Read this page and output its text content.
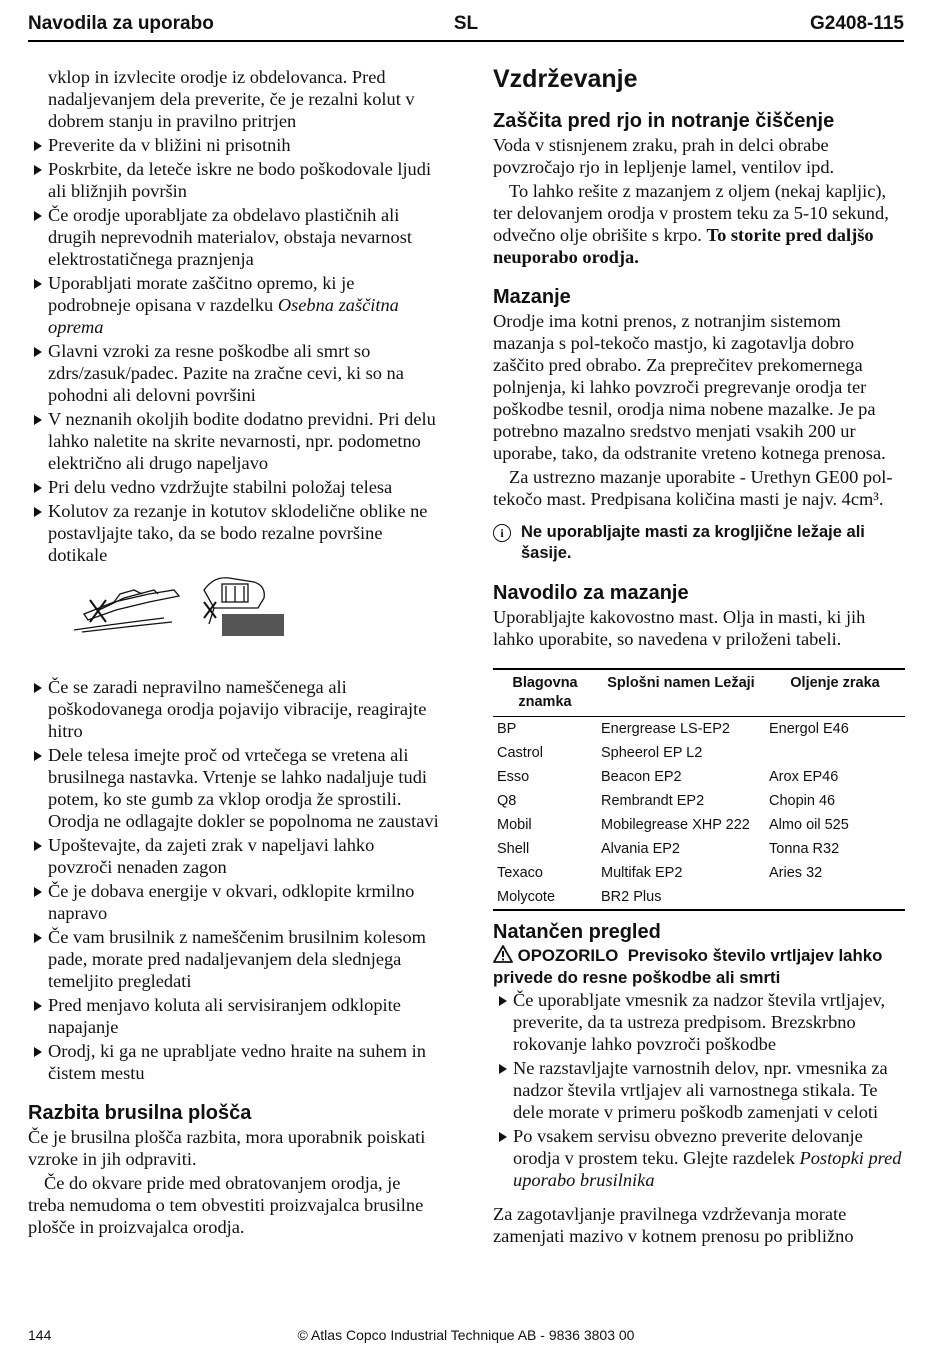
Navodila za uporabo	SL	G2408-115
vklop in izvlecite orodje iz obdelovanca. Pred nadaljevanjem dela preverite, če je rezalni kolut v dobrem stanju in pravilno pritrjen
Preverite da v bližini ni prisotnih
Poskrbite, da leteče iskre ne bodo poškodovale ljudi ali bližnjih površin
Če orodje uporabljate za obdelavo plastičnih ali drugih neprevodnih materialov, obstaja nevarnost elektrostatičnega praznjenja
Uporabljati morate zaščitno opremo, ki je podrobneje opisana v razdelku Osebna zaščitna oprema
Glavni vzroki za resne poškodbe ali smrt so zdrs/zasuk/padec. Pazite na zračne cevi, ki so na pohodni ali delovni površini
V neznanih okoljih bodite dodatno previdni. Pri delu lahko naletite na skrite nevarnosti, npr. podometno električno ali drugo napeljavo
Pri delu vedno vzdržujte stabilni položaj telesa
Kolutov za rezanje in kotutov sklodelične oblike ne postavljajte tako, da se bodo rezalne površine dotikale
Če se zaradi nepravilno nameščenega ali poškodovanega orodja pojavijo vibracije, reagirajte hitro
Dele telesa imejte proč od vrtečega se vretena ali brusilnega nastavka. Vrtenje se lahko nadaljuje tudi potem, ko ste gumb za vklop orodja že sprostili. Orodja ne odlagajte dokler se popolnoma ne zaustavi
Upoštevajte, da zajeti zrak v napeljavi lahko povzroči nenaden zagon
Če je dobava energije v okvari, odklopite krmilno napravo
Če vam brusilnik z nameščenim brusilnim kolesom pade, morate pred nadaljevanjem dela slednjega temeljito pregledati
Pred menjavo koluta ali servisiranjem odklopite napajanje
Orodj, ki ga ne uprabljate vedno hraite na suhem in čistem mestu
Razbita brusilna plošča
Če je brusilna plošča razbita, mora uporabnik poiskati vzroke in jih odpraviti.
Če do okvare pride med obratovanjem orodja, je treba nemudoma o tem obvestiti proizvajalca brusilne plošče in proizvajalca orodja.
Vzdrževanje
Zaščita pred rjo in notranje čiščenje
Voda v stisnjenem zraku, prah in delci obrabe povzročajo rjo in lepljenje lamel, ventilov ipd.
To lahko rešite z mazanjem z oljem (nekaj kapljic), ter delovanjem orodja v prostem teku za 5-10 sekund, odvečno olje obrišite s krpo. To storite pred daljšo neuporabo orodja.
Mazanje
Orodje ima kotni prenos, z notranjim sistemom mazanja s pol-tekočo mastjo, ki zagotavlja dobro zaščito pred obrabo. Za preprečitev prekomernega polnjenja, ki lahko povzroči pregrevanje orodja ter poškodbe tesnil, orodja nima nobene mazalke. Je pa potrebno mazalno sredstvo menjati vsakih 200 ur uporabe, tako, da odstranite vreteno kotnega prenosa.
Za ustrezno mazanje uporabite - Urethyn GE00 pol-tekočo mast. Predpisana količina masti je najv. 4cm³.
i	Ne uporabljajte masti za krogljične ležaje ali šasije.
Navodilo za mazanje
Uporabljajte kakovostno mast. Olja in masti, ki jih lahko uporabite, so navedena v priloženi tabeli.
Blagovna znamka	Splošni namen Ležaji	Oljenje zraka
BP	Energrease LS-EP2	Energol E46
Castrol	Spheerol EP L2	
Esso	Beacon EP2	Arox EP46
Q8	Rembrandt EP2	Chopin 46
Mobil	Mobilegrease XHP 222	Almo oil 525
Shell	Alvania EP2	Tonna R32
Texaco	Multifak EP2	Aries 32
Molycote	BR2 Plus	
Natančen pregled
OPOZORILO Previsoko število vrtljajev lahko privede do resne poškodbe ali smrti
Če uporabljate vmesnik za nadzor števila vrtljajev, preverite, da ta ustreza predpisom. Brezskrbno rokovanje lahko povzroči poškodbe
Ne razstavljajte varnostnih delov, npr. vmesnika za nadzor števila vrtljajev ali varnostnega stikala. Te dele morate v primeru poškodb zamenjati v celoti
Po vsakem servisu obvezno preverite delovanje orodja v prostem teku. Glejte razdelek Postopki pred uporabo brusilnika
Za zagotavljanje pravilnega vzdrževanja morate zamenjati mazivo v kotnem prenosu po približno
144	© Atlas Copco Industrial Technique AB - 9836 3803 00
